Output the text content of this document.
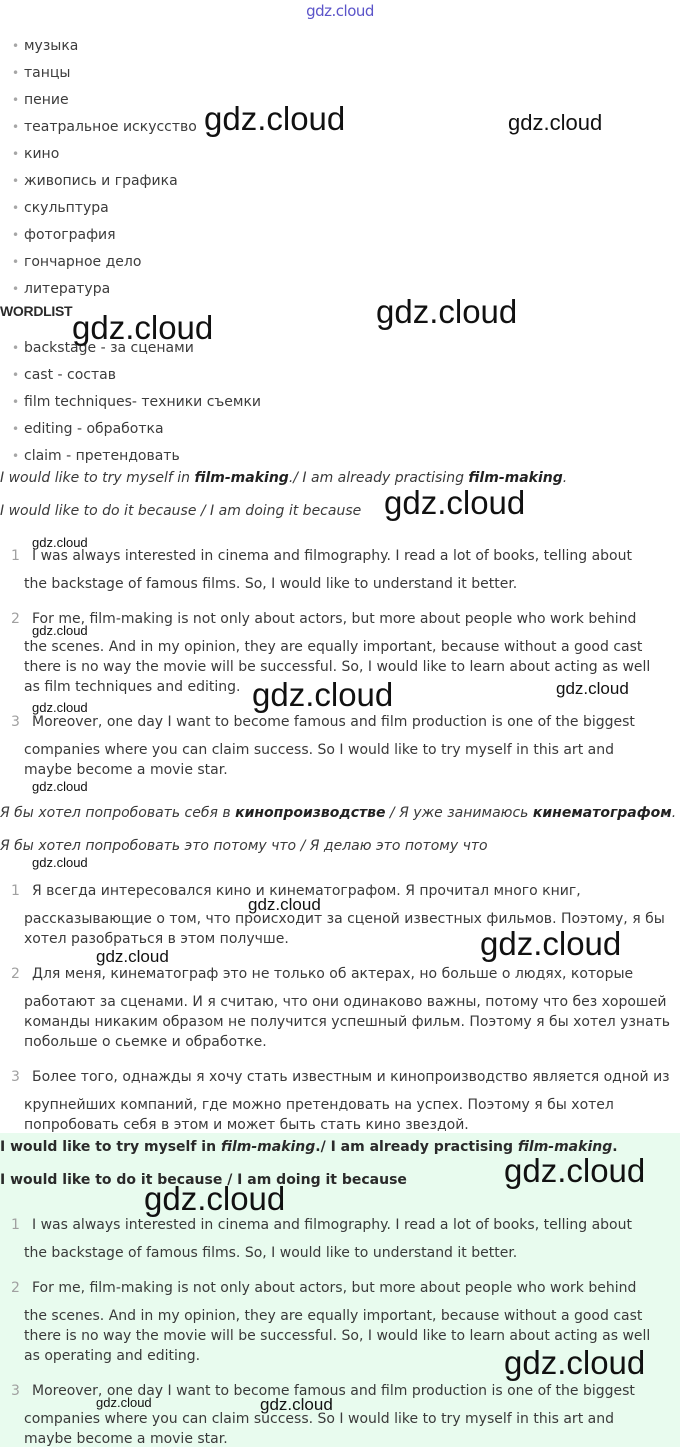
gdz.cloud
• музыка
• танцы
• пение
• театральное искусство
• кино
• живопись и графика
• скульптура
• фотография
• гончарное дело
• литература
WORDLIST
• backstage - за сценами
• cast - состав
• film techniques- техники съемки
• editing - обработка
• claim - претендовать
I would like to try myself in film-making./ I am already practising film-making.
I would like to do it because / I am doing it because
1 I was always interested in cinema and filmography. I read a lot of books, telling about
the backstage of famous films. So, I would like to understand it better.
2 For me, film-making is not only about actors, but more about people who work behind
the scenes. And in my opinion, they are equally important, because without a good cast
there is no way the movie will be successful. So, I would like to learn about acting as well
as film techniques and editing.
3 Moreover, one day I want to become famous and film production is one of the biggest
companies where you can claim success. So I would like to try myself in this art and
maybe become a movie star.
Я бы хотел попробовать себя в кинопроизводстве / Я уже занимаюсь кинематографом.
Я бы хотел попробовать это потому что / Я делаю это потому что
1 Я всегда интересовался кино и кинематографом. Я прочитал много книг,
рассказывающие о том, что происходит за сценой известных фильмов. Поэтому, я бы
хотел разобраться в этом получше.
2 Для меня, кинематограф это не только об актерах, но больше о людях, которые
работают за сценами. И я считаю, что они одинаково важны, потому что без хорошей
команды никаким образом не получится успешный фильм. Поэтому я бы хотел узнать
побольше о сьемке и обработке.
3 Более того, однажды я хочу стать известным и кинопроизводство является одной из
крупнейших компаний, где можно претендовать на успех. Поэтому я бы хотел
попробовать себя в этом и может быть стать кино звездой.
I would like to try myself in film-making./ I am already practising film-making.
I would like to do it because / I am doing it because
1 I was always interested in cinema and filmography. I read a lot of books, telling about
the backstage of famous films. So, I would like to understand it better.
2 For me, film-making is not only about actors, but more about people who work behind
the scenes. And in my opinion, they are equally important, because without a good cast
there is no way the movie will be successful. So, I would like to learn about acting as well
as operating and editing.
3 Moreover, one day I want to become famous and film production is one of the biggest
companies where you can claim success. So I would like to try myself in this art and
maybe become a movie star.
gdz.cloud	gdz.cloud
gdz.cloud
gdz.cloud
gdz.cloud
gdz.cloud
gdz.cloud
gdz.cloud	gdz.cloud
gdz.cloud
gdz.cloud
gdz.cloud
gdz.cloud
gdz.cloud
gdz.cloud
gdz.cloud
gdz.cloud
gdz.cloud
gdz.cloud	gdz.cloud
